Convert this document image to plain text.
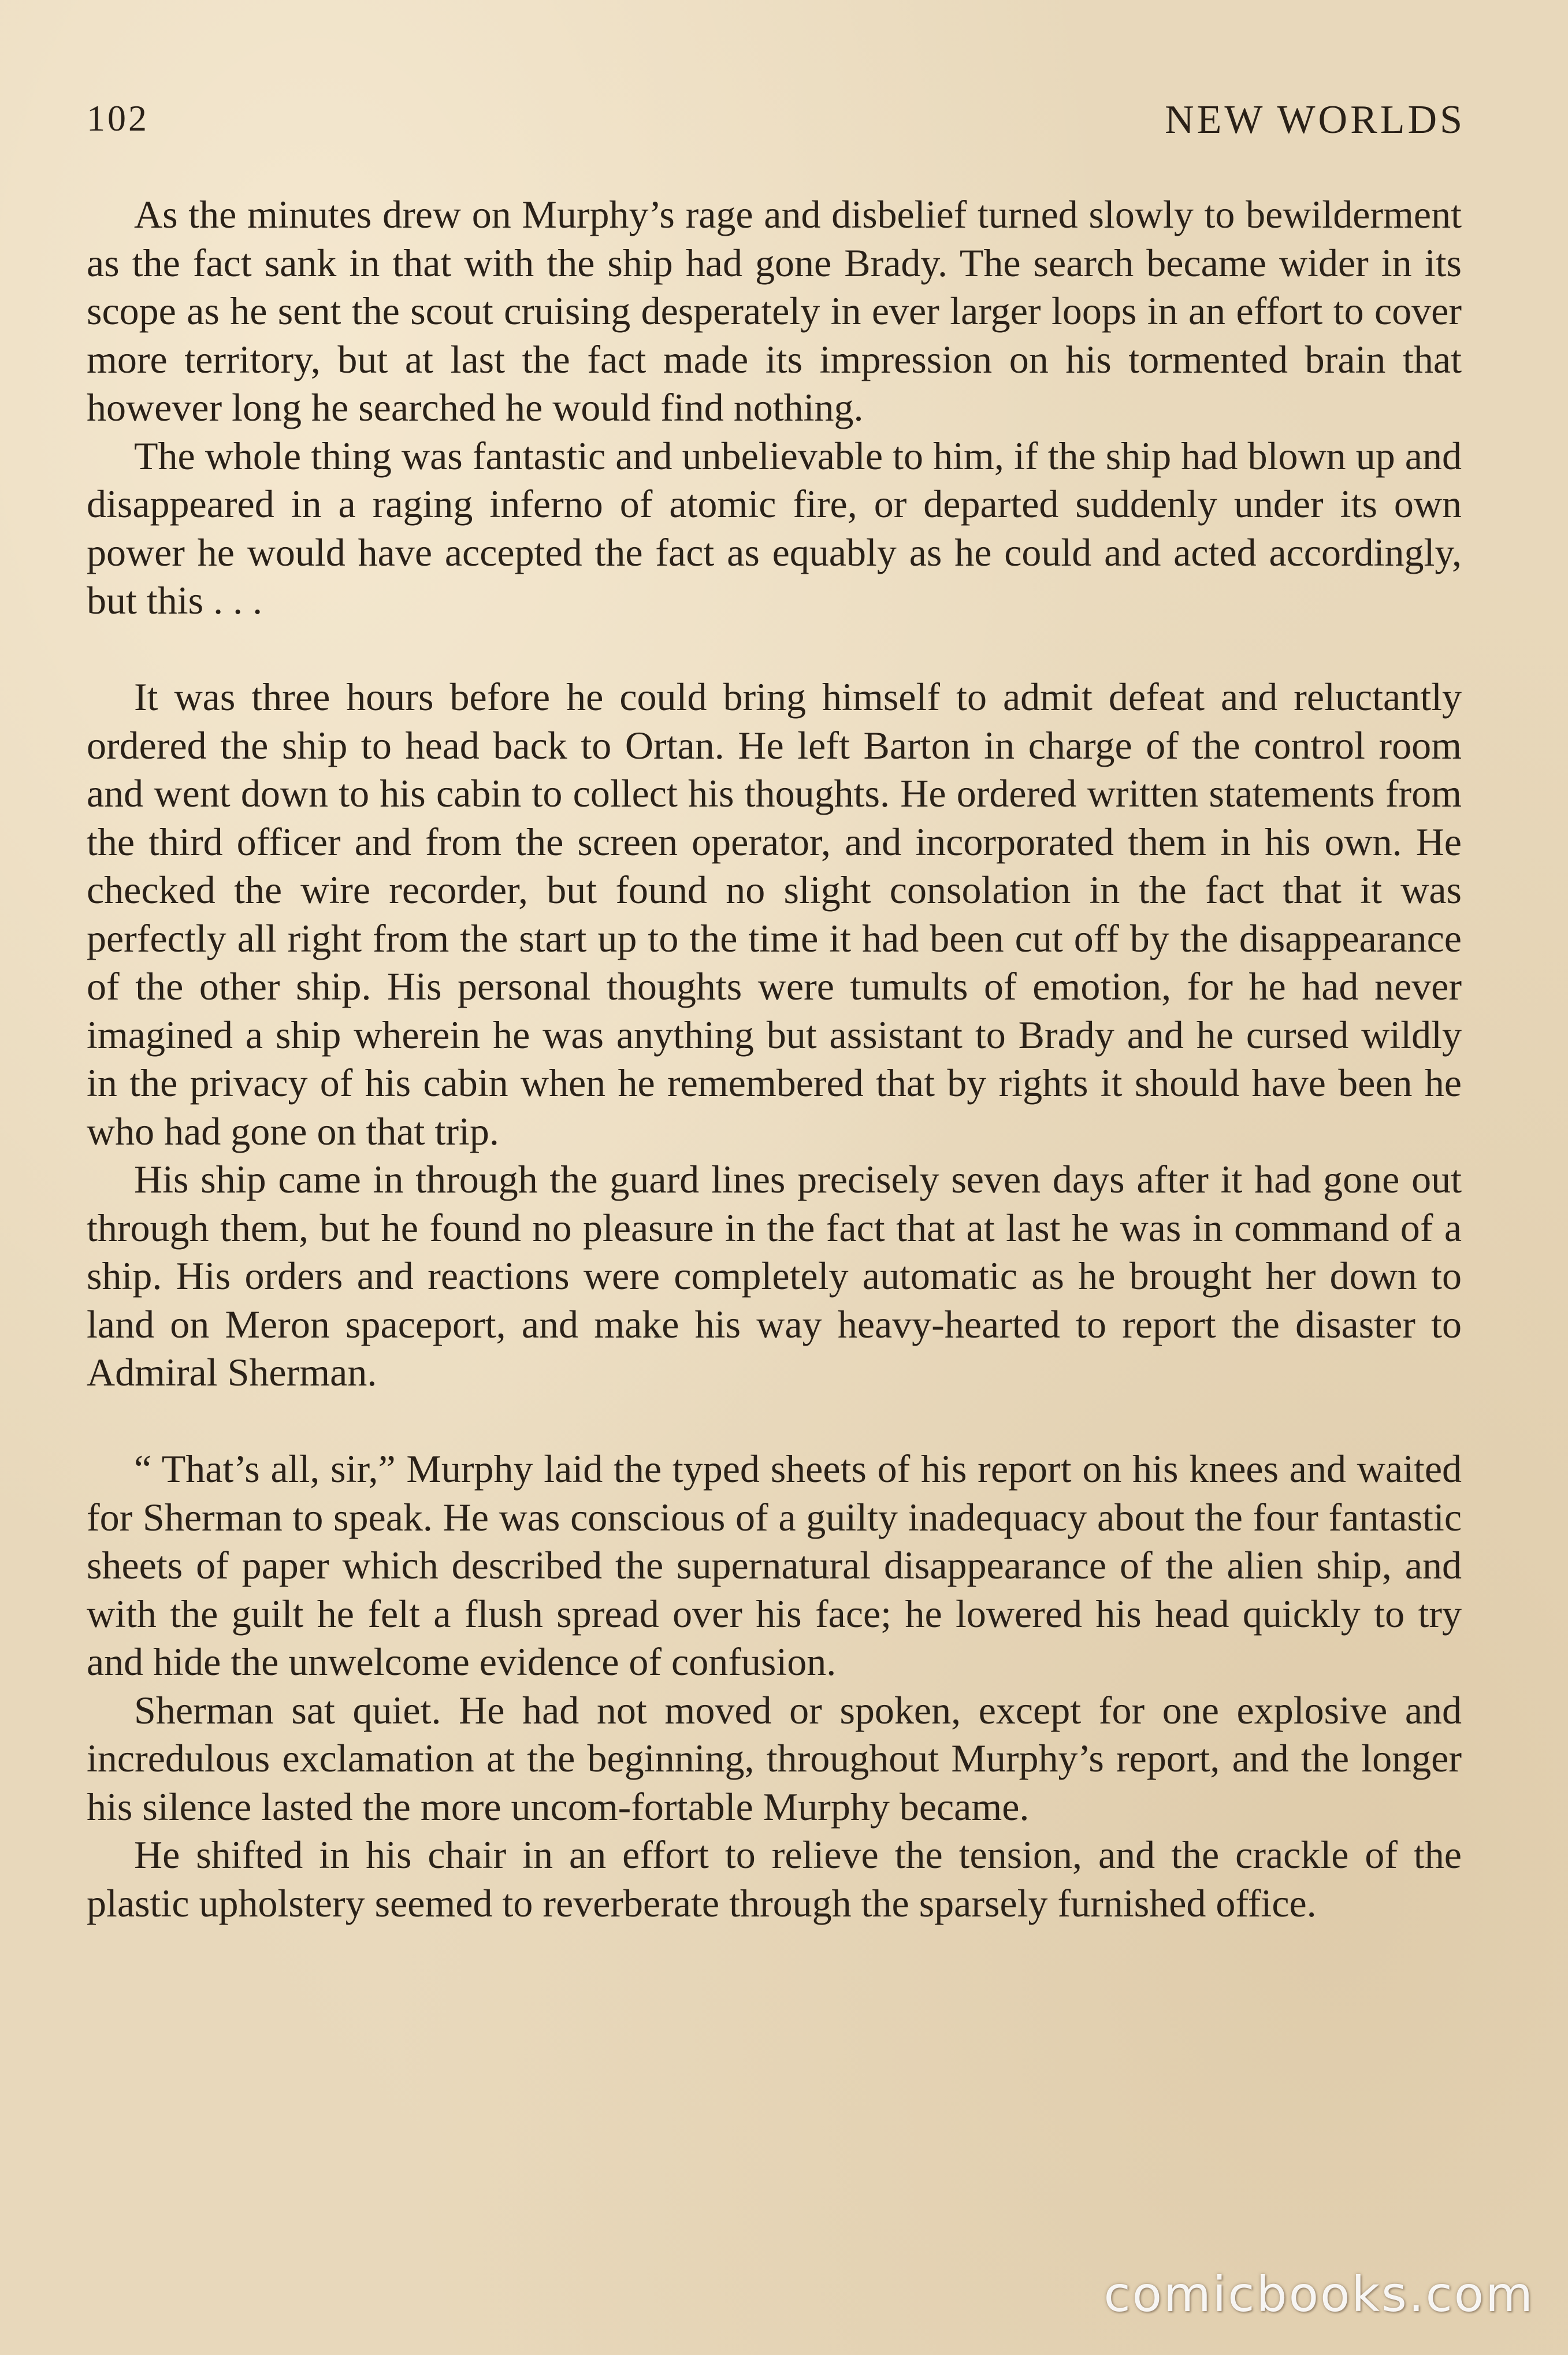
102	NEW WORLDS

As the minutes drew on Murphy’s rage and disbelief turned slowly to bewilderment as the fact sank in that with the ship had gone Brady. The search became wider in its scope as he sent the scout cruising desperately in ever larger loops in an effort to cover more territory, but at last the fact made its impression on his tormented brain that however long he searched he would find nothing.

The whole thing was fantastic and unbelievable to him, if the ship had blown up and disappeared in a raging inferno of atomic fire, or departed suddenly under its own power he would have accepted the fact as equably as he could and acted accordingly, but this . . .

It was three hours before he could bring himself to admit defeat and reluctantly ordered the ship to head back to Ortan. He left Barton in charge of the control room and went down to his cabin to collect his thoughts. He ordered written statements from the third officer and from the screen operator, and incorporated them in his own. He checked the wire recorder, but found no slight consolation in the fact that it was perfectly all right from the start up to the time it had been cut off by the disappearance of the other ship. His personal thoughts were tumults of emotion, for he had never imagined a ship wherein he was anything but assistant to Brady and he cursed wildly in the privacy of his cabin when he remembered that by rights it should have been he who had gone on that trip.

His ship came in through the guard lines precisely seven days after it had gone out through them, but he found no pleasure in the fact that at last he was in command of a ship. His orders and reactions were completely automatic as he brought her down to land on Meron spaceport, and make his way heavy-hearted to report the disaster to Admiral Sherman.

“ That’s all, sir,” Murphy laid the typed sheets of his report on his knees and waited for Sherman to speak. He was conscious of a guilty inadequacy about the four fantastic sheets of paper which described the supernatural disappearance of the alien ship, and with the guilt he felt a flush spread over his face; he lowered his head quickly to try and hide the unwelcome evidence of confusion.

Sherman sat quiet. He had not moved or spoken, except for one explosive and incredulous exclamation at the beginning, throughout Murphy’s report, and the longer his silence lasted the more uncom-fortable Murphy became.

He shifted in his chair in an effort to relieve the tension, and the crackle of the plastic upholstery seemed to reverberate through the sparsely furnished office.

comicbooks.com
